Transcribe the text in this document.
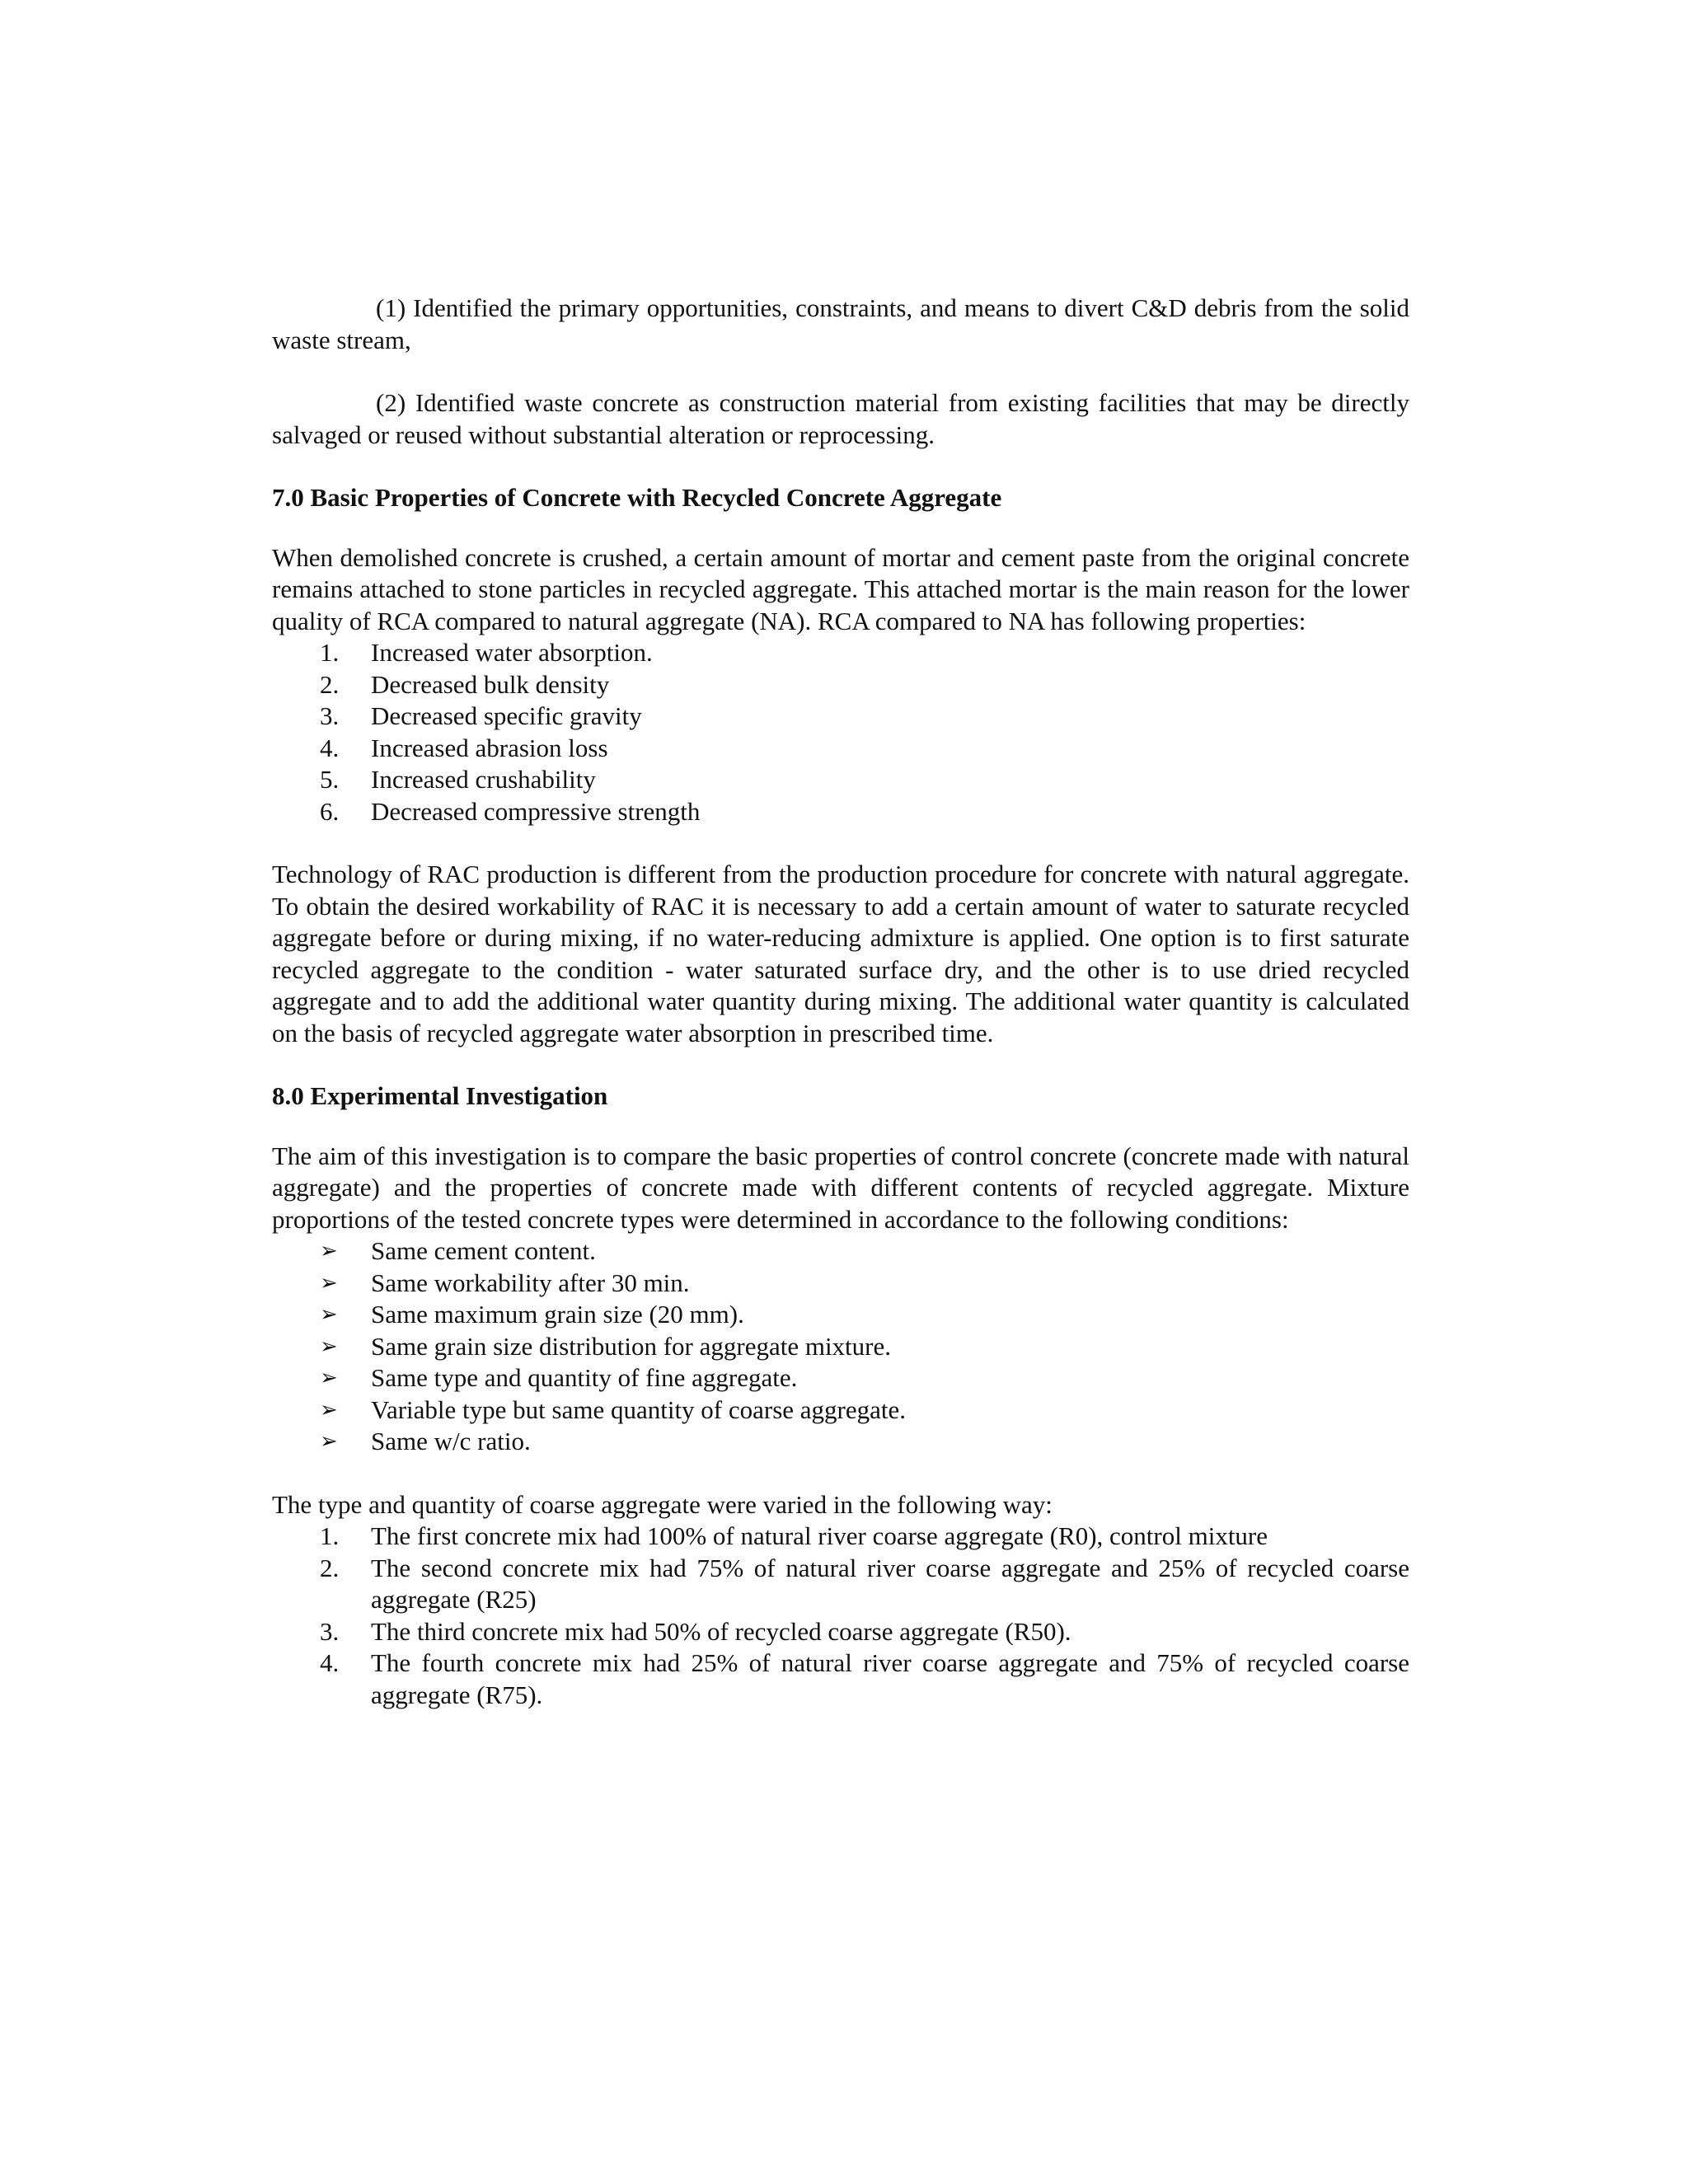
(1) Identified the primary opportunities, constraints, and means to divert C&D debris from the solid waste stream,

(2) Identified waste concrete as construction material from existing facilities that may be directly salvaged or reused without substantial alteration or reprocessing.

7.0 Basic Properties of Concrete with Recycled Concrete Aggregate

When demolished concrete is crushed, a certain amount of mortar and cement paste from the original concrete remains attached to stone particles in recycled aggregate. This attached mortar is the main reason for the lower quality of RCA compared to natural aggregate (NA). RCA compared to NA has following properties:

1. Increased water absorption.
2. Decreased bulk density
3. Decreased specific gravity
4. Increased abrasion loss
5. Increased crushability
6. Decreased compressive strength

Technology of RAC production is different from the production procedure for concrete with natural aggregate. To obtain the desired workability of RAC it is necessary to add a certain amount of water to saturate recycled aggregate before or during mixing, if no water-reducing admixture is applied. One option is to first saturate recycled aggregate to the condition - water saturated surface dry, and the other is to use dried recycled aggregate and to add the additional water quantity during mixing. The additional water quantity is calculated on the basis of recycled aggregate water absorption in prescribed time.

8.0 Experimental Investigation

The aim of this investigation is to compare the basic properties of control concrete (concrete made with natural aggregate) and the properties of concrete made with different contents of recycled aggregate. Mixture proportions of the tested concrete types were determined in accordance to the following conditions:

➢ Same cement content.
➢ Same workability after 30 min.
➢ Same maximum grain size (20 mm).
➢ Same grain size distribution for aggregate mixture.
➢ Same type and quantity of fine aggregate.
➢ Variable type but same quantity of coarse aggregate.
➢ Same w/c ratio.

The type and quantity of coarse aggregate were varied in the following way:

1. The first concrete mix had 100% of natural river coarse aggregate (R0), control mixture
2. The second concrete mix had 75% of natural river coarse aggregate and 25% of recycled coarse aggregate (R25)
3. The third concrete mix had 50% of recycled coarse aggregate (R50).
4. The fourth concrete mix had 25% of natural river coarse aggregate and 75% of recycled coarse aggregate (R75).
